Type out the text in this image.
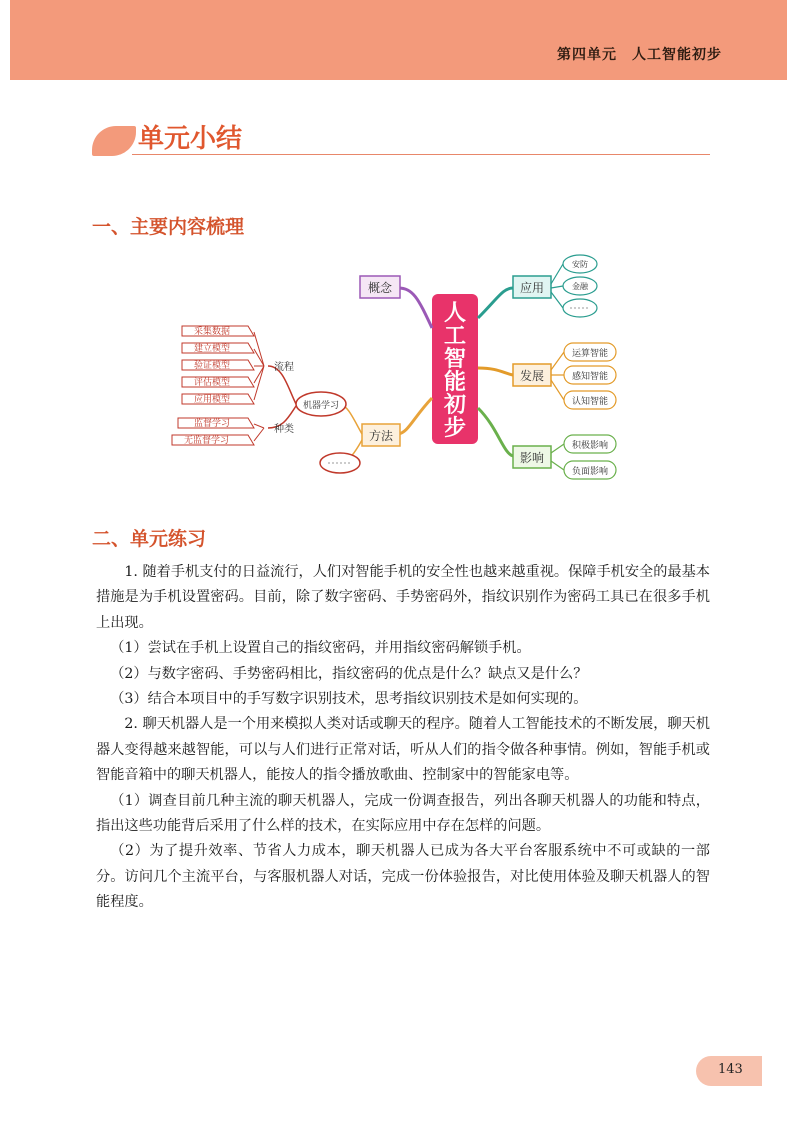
第四单元　人工智能初步
单元小结
一、主要内容梳理
人
工
智
能
初
步
概念
方法
机器学习
流程
种类
采集数据
建立模型
验证模型
评估模型
应用模型
监督学习
无监督学习
应用
安防
金融
发展
运算智能
感知智能
认知智能
影响
积极影响
负面影响
二、单元练习

1. 随着手机支付的日益流行，人们对智能手机的安全性也越来越重视。保障手机安全的最基本措施是为手机设置密码。目前，除了数字密码、手势密码外，指纹识别作为密码工具已在很多手机上出现。

（1）尝试在手机上设置自己的指纹密码，并用指纹密码解锁手机。

（2）与数字密码、手势密码相比，指纹密码的优点是什么？缺点又是什么？

（3）结合本项目中的手写数字识别技术，思考指纹识别技术是如何实现的。

2. 聊天机器人是一个用来模拟人类对话或聊天的程序。随着人工智能技术的不断发展，聊天机器人变得越来越智能，可以与人们进行正常对话，听从人们的指令做各种事情。例如，智能手机或智能音箱中的聊天机器人，能按人的指令播放歌曲、控制家中的智能家电等。

（1）调查目前几种主流的聊天机器人，完成一份调查报告，列出各聊天机器人的功能和特点，指出这些功能背后采用了什么样的技术，在实际应用中存在怎样的问题。

（2）为了提升效率、节省人力成本，聊天机器人已成为各大平台客服系统中不可或缺的一部分。访问几个主流平台，与客服机器人对话，完成一份体验报告，对比使用体验及聊天机器人的智能程度。

143
